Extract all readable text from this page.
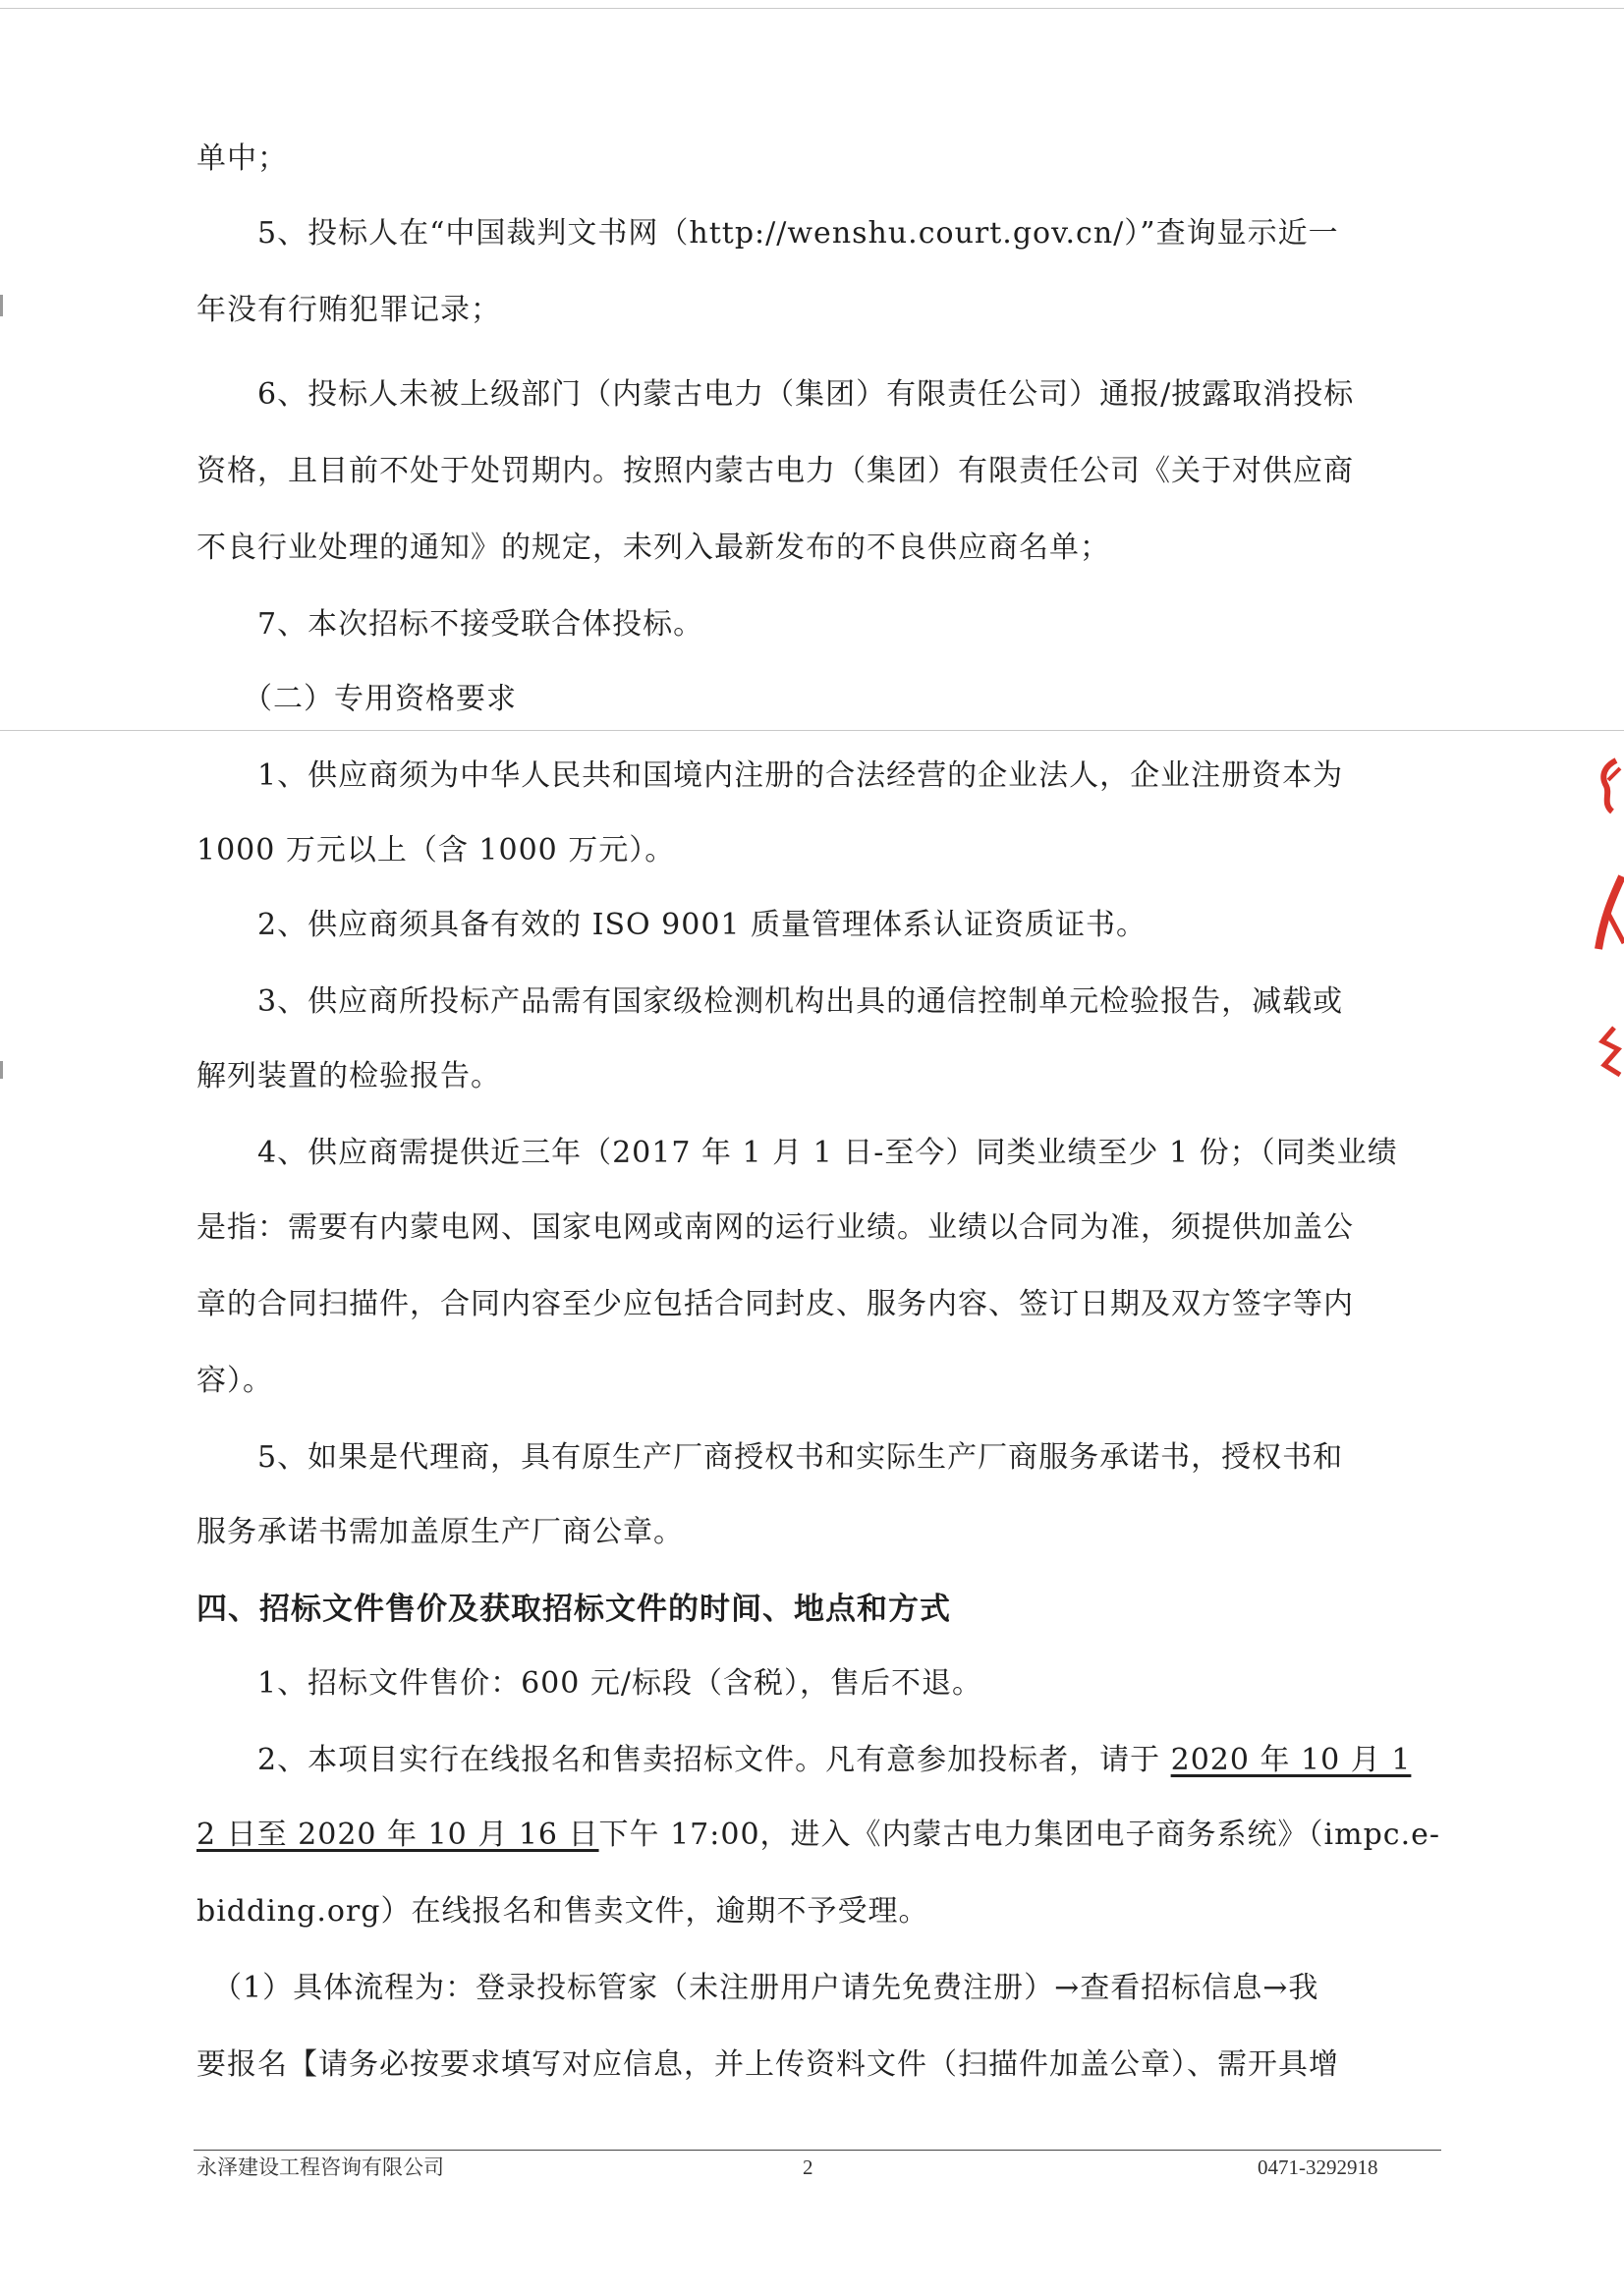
单中；
　　5、投标人在“中国裁判文书网（http://wenshu.court.gov.cn/）”查询显示近一
年没有行贿犯罪记录；
　　6、投标人未被上级部门（内蒙古电力（集团）有限责任公司）通报/披露取消投标
资格，且目前不处于处罚期内。按照内蒙古电力（集团）有限责任公司《关于对供应商
不良行业处理的通知》的规定，未列入最新发布的不良供应商名单；
　　7、本次招标不接受联合体投标。
　　（二）专用资格要求
　　1、供应商须为中华人民共和国境内注册的合法经营的企业法人，企业注册资本为
1000 万元以上（含 1000 万元）。
　　2、供应商须具备有效的 ISO 9001 质量管理体系认证资质证书。
　　3、供应商所投标产品需有国家级检测机构出具的通信控制单元检验报告，减载或
解列装置的检验报告。
　　4、供应商需提供近三年（2017 年 1 月 1 日-至今）同类业绩至少 1 份；（同类业绩
是指：需要有内蒙电网、国家电网或南网的运行业绩。业绩以合同为准，须提供加盖公
章的合同扫描件，合同内容至少应包括合同封皮、服务内容、签订日期及双方签字等内
容）。
　　5、如果是代理商，具有原生产厂商授权书和实际生产厂商服务承诺书，授权书和
服务承诺书需加盖原生产厂商公章。
四、招标文件售价及获取招标文件的时间、地点和方式
　　1、招标文件售价：600 元/标段（含税），售后不退。
　　2、本项目实行在线报名和售卖招标文件。凡有意参加投标者，请于 2020 年 10 月 1
2 日至 2020 年 10 月 16 日下午 17:00，进入《内蒙古电力集团电子商务系统》（impc.e-
bidding.org）在线报名和售卖文件，逾期不予受理。
　（1）具体流程为：登录投标管家（未注册用户请先免费注册）→查看招标信息→我
要报名【请务必按要求填写对应信息，并上传资料文件（扫描件加盖公章）、需开具增
永泽建设工程咨询有限公司	2	0471-3292918
